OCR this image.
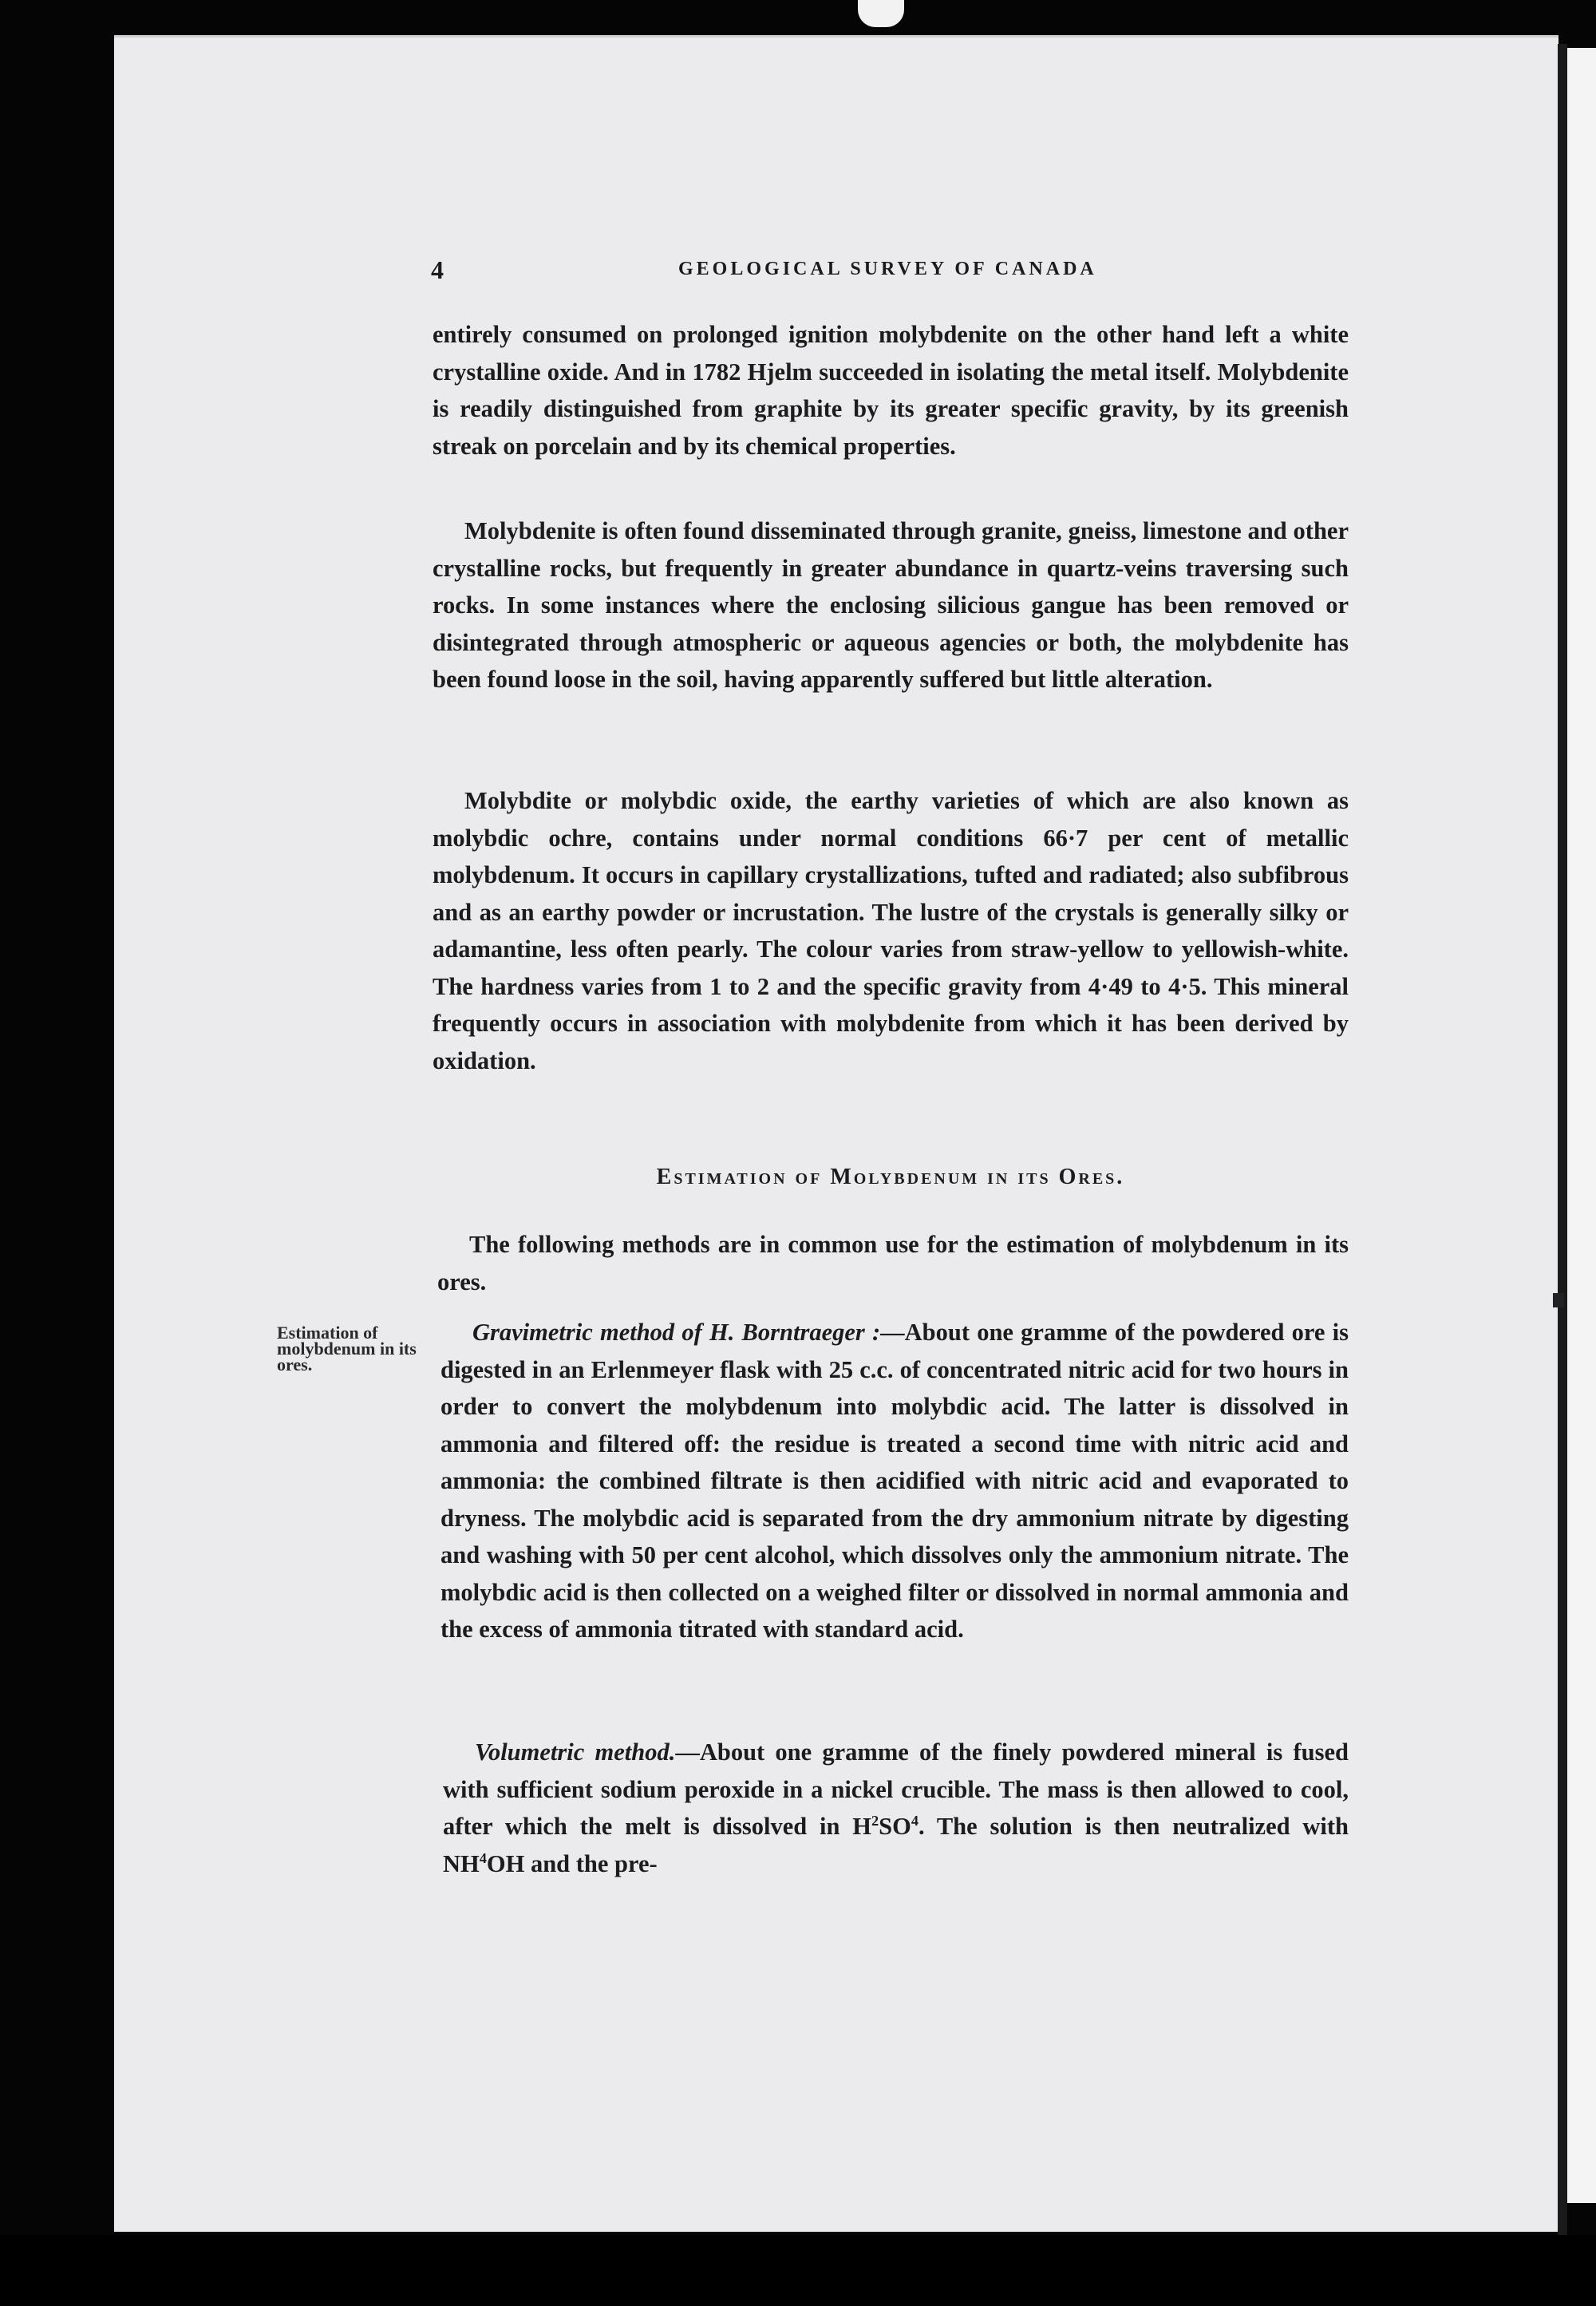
4	GEOLOGICAL SURVEY OF CANADA

entirely consumed on prolonged ignition molybdenite on the other hand left a white crystalline oxide. And in 1782 Hjelm succeeded in isolating the metal itself. Molybdenite is readily distinguished from graphite by its greater specific gravity, by its greenish streak on porcelain and by its chemical properties.

Molybdenite is often found disseminated through granite, gneiss, limestone and other crystalline rocks, but frequently in greater abundance in quartz-veins traversing such rocks. In some instances where the enclosing silicious gangue has been removed or disintegrated through atmospheric or aqueous agencies or both, the molybdenite has been found loose in the soil, having apparently suffered but little alteration.

Molybdite or molybdic oxide, the earthy varieties of which are also known as molybdic ochre, contains under normal conditions 66·7 per cent of metallic molybdenum. It occurs in capillary crystallizations, tufted and radiated; also subfibrous and as an earthy powder or incrustation. The lustre of the crystals is generally silky or adamantine, less often pearly. The colour varies from straw-yellow to yellowish-white. The hardness varies from 1 to 2 and the specific gravity from 4·49 to 4·5. This mineral frequently occurs in association with molybdenite from which it has been derived by oxidation.

Estimation of Molybdenum in its Ores.

The following methods are in common use for the estimation of molybdenum in its ores.

Estimation of molybdenum in its ores.

Gravimetric method of H. Borntraeger :—About one gramme of the powdered ore is digested in an Erlenmeyer flask with 25 c.c. of concentrated nitric acid for two hours in order to convert the molybdenum into molybdic acid. The latter is dissolved in ammonia and filtered off: the residue is treated a second time with nitric acid and ammonia: the combined filtrate is then acidified with nitric acid and evaporated to dryness. The molybdic acid is separated from the dry ammonium nitrate by digesting and washing with 50 per cent alcohol, which dissolves only the ammonium nitrate. The molybdic acid is then collected on a weighed filter or dissolved in normal ammonia and the excess of ammonia titrated with standard acid.

Volumetric method.—About one gramme of the finely powdered mineral is fused with sufficient sodium peroxide in a nickel crucible. The mass is then allowed to cool, after which the melt is dissolved in $H^2SO^4$. The solution is then neutralized with $NH^4OH$ and the pre-
